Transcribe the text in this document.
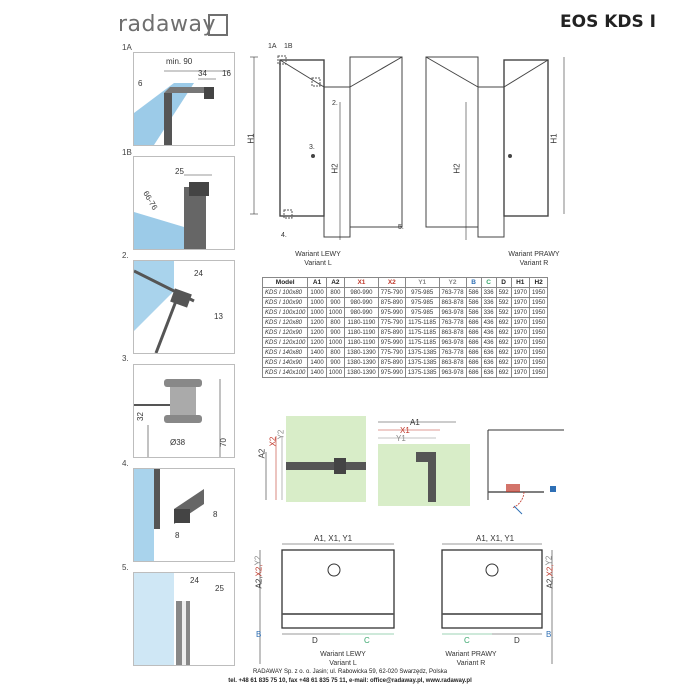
radaway	EOS KDS I
1A
1B
2.
3.
4.
5.
min. 90
34 16
6
25
66-76
24
13
32
Ø38	70
8
8
24
25
1A 1B
2.
3.
4.
5.
H1
H2	H2
H1
Wariant LEWY
Variant L
Wariant PRAWY
Variant R
Model	A1	A2	X1	X2	Y1	Y2	B	C	D	H1	H2
KDS I 100x80	1000	800	980-990	775-790	975-985	763-778	586	336	592	1970	1950
KDS I 100x90	1000	900	980-990	875-890	975-985	863-878	586	336	592	1970	1950
KDS I 100x100	1000	1000	980-990	975-990	975-985	963-978	586	336	592	1970	1950
KDS I 120x80	1200	800	1180-1190	775-790	1175-1185	763-778	686	436	692	1970	1950
KDS I 120x90	1200	900	1180-1190	875-890	1175-1185	863-878	686	436	692	1970	1950
KDS I 120x100	1200	1000	1180-1190	975-990	1175-1185	963-978	686	436	692	1970	1950
KDS I 140x80	1400	800	1380-1390	775-790	1375-1385	763-778	686	636	692	1970	1950
KDS I 140x90	1400	900	1380-1390	875-890	1375-1385	863-878	686	636	692	1970	1950
KDS I 140x100	1400	1000	1380-1390	975-990	1375-1385	963-978	686	636	692	1970	1950
A2
X2
Y2
A1
X1
Y1
A1, X1, Y1	A1, X1, Y1
A2,
X2,
Y2
A2,
X2,
Y2
B	B
D	C	C	D
Wariant LEWY
Variant L
Wariant PRAWY
Variant R
RADAWAY Sp. z o. o. Jasin; ul. Rabowicka 59, 62-020 Swarzędz, Polska
tel. +48 61 835 75 10, fax +48 61 835 75 11, e-mail: office@radaway.pl, www.radaway.pl
